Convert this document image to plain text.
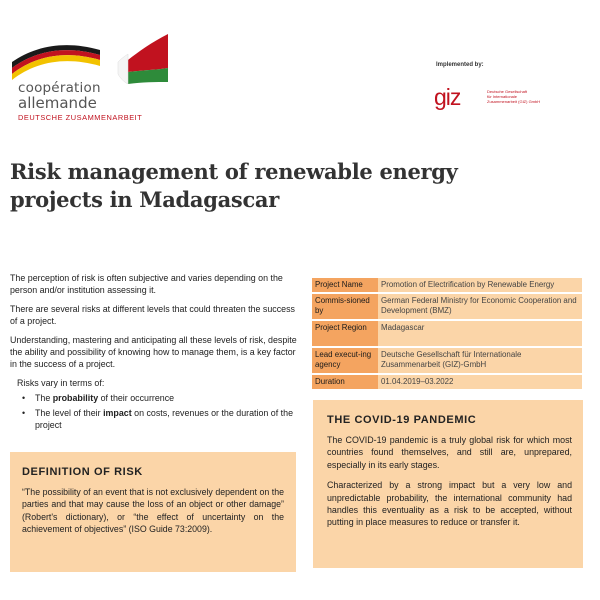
coopération
allemande
DEUTSCHE ZUSAMMENARBEIT
Implemented by:
giz	Deutsche Gesellschaft
für Internationale
Zusammenarbeit (GIZ) GmbH
Risk management of renewable energy projects in Madagascar

The perception of risk is often subjective and varies depending on the person and/or institution assessing it.

There are several risks at different levels that could threaten the success of a project.

Understanding, mastering and anticipating all these levels of risk, despite the ability and possibility of knowing how to manage them, is a key factor in the success of a project.

Risks vary in terms of:
• The probability of their occurrence
• The level of their impact on costs, revenues or the duration of the project
DEFINITION OF RISK
“The possibility of an event that is not exclusively dependent on the parties and that may cause the loss of an object or other damage” (Robert's dictionary), or “the effect of uncertainty on the achievement of objectives” (ISO Guide 73:2009).
Project Name	Promotion of Electrification by Renewable Energy
Commis-sioned by	German Federal Ministry for Economic Cooperation and Development (BMZ)
Project Region	Madagascar
Lead execut-ing agency	Deutsche Gesellschaft für Internationale Zusammenarbeit (GIZ)-GmbH
Duration	01.04.2019–03.2022
THE COVID-19 PANDEMIC

The COVID-19 pandemic is a truly global risk for which most countries found themselves, and still are, unprepared, especially in its early stages.

Characterized by a strong impact but a very low and unpredictable probability, the international community had handles this eventuality as a risk to be accepted, without putting in place measures to reduce or transfer it.
